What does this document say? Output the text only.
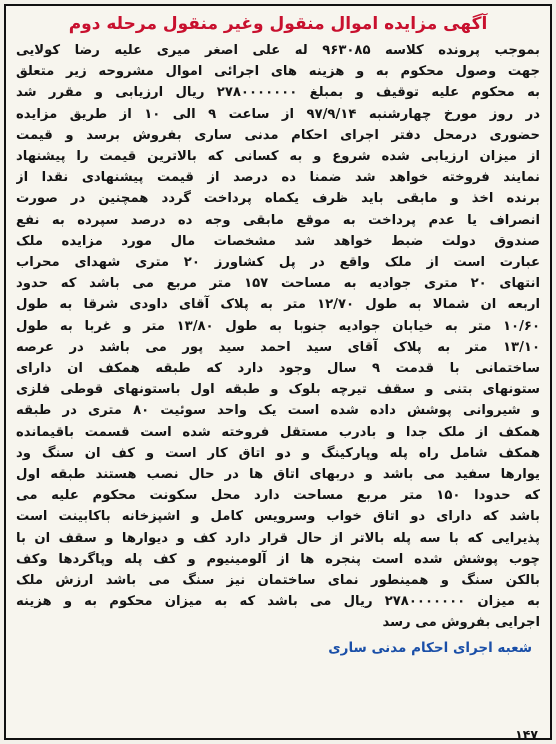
آگهی مزایده اموال منقول وغیر منقول مرحله دوم
بموجب پرونده کلاسه ۹۶۳۰۸۵ له علی اصغر میری علیه رضا کولایی
جهت وصول محکوم به و هزینه های اجرائی اموال مشروحه زیر متعلق
به محکوم علیه توقیف و بمبلغ ۲۷۸۰۰۰۰۰۰۰ ریال ارزیابی و مقرر شد
در روز مورخ چهارشنبه ۹۷/۹/۱۴ از ساعت ۹ الی ۱۰ از طریق مزایده
حضوری درمحل دفتر اجرای احکام مدنی ساری بفروش برسد و قیمت
از میزان ارزیابی شده شروع و به کسانی که بالاترین قیمت را پیشنهاد
نمایند فروخته خواهد شد ضمنا ده درصد از قیمت پیشنهادی نقدا از
برنده اخذ و مابقی باید ظرف یکماه پرداخت گردد همچنین در صورت
انصراف یا عدم پرداخت به موقع مابقی وجه ده درصد سپرده به نفع
صندوق دولت ضبط خواهد شد مشخصات مال مورد مزایده ملک
عبارت است از ملک واقع در پل کشاورز ۲۰ متری شهدای محراب
انتهای ۲۰ متری جوادیه به مساحت ۱۵۷ متر مربع می باشد که حدود
اربعه ان شمالا به طول ۱۲/۷۰ متر به پلاک آقای داودی شرقا به طول
۱۰/۶۰ متر به خیابان جوادیه جنوبا به طول ۱۳/۸۰ متر و غربا به طول
۱۳/۱۰ متر به پلاک آقای سید احمد سید پور می باشد در عرصه
ساختمانی با قدمت ۹ سال وجود دارد که طبقه همکف ان دارای
ستونهای بتنی و سقف تیرچه بلوک و طبقه اول باستونهای قوطی فلزی
و شیروانی پوشش داده شده است یک واحد سوئیت ۸۰ متری در طبقه
همکف از ملک جدا و بادرب مستقل فروخته شده است قسمت باقیمانده
همکف شامل راه پله وپارکینگ و دو اتاق کار است و کف ان سنگ ود
یوارها سفید می باشد و دربهای اتاق ها در حال نصب هستند طبقه اول
که حدودا ۱۵۰ متر مربع مساحت دارد محل سکونت محکوم علیه می
باشد که دارای دو اتاق خواب وسرویس کامل و اشپزخانه باکابینت است
پذیرایی که با سه پله بالاتر از حال قرار دارد کف و دیوارها و سقف ان با
چوب پوشش شده است پنجره ها از آلومینیوم و کف پله وپاگردها وکف
بالکن سنگ و همینطور نمای ساختمان نیز سنگ می باشد ارزش ملک
به میزان ۲۷۸۰۰۰۰۰۰۰ ریال می باشد که به میزان محکوم به و هزینه
اجرایی بفروش می رسد
شعبه اجرای احکام مدنی ساری
۱۴۷
